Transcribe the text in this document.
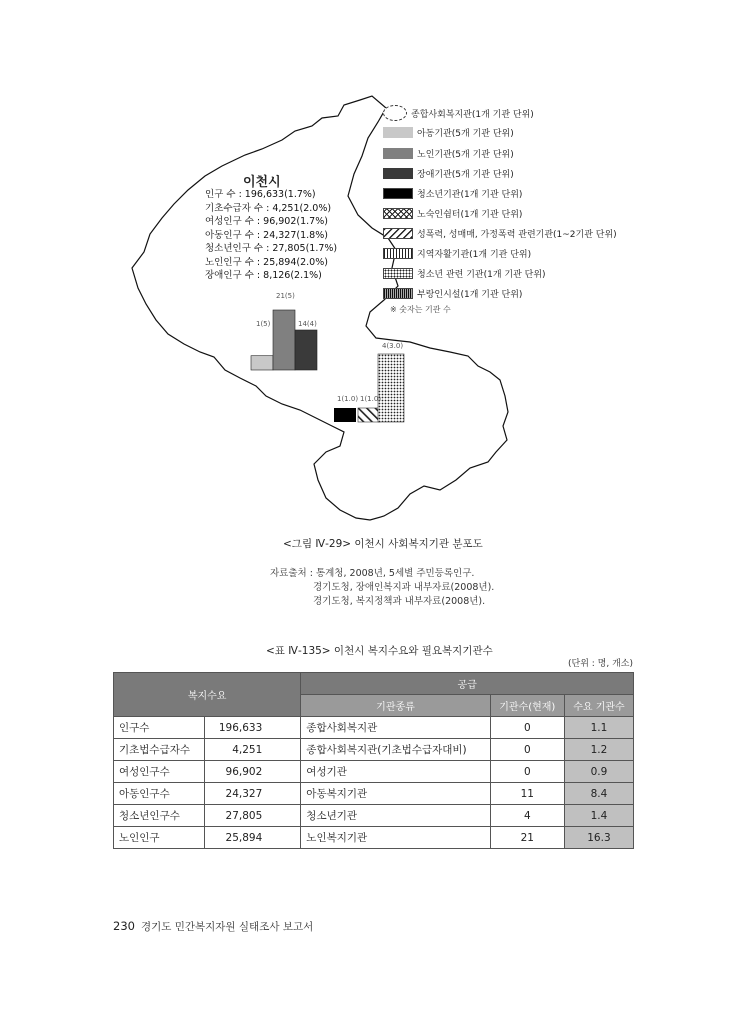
이천시
인구 수 : 196,633(1.7%)
기초수급자 수 : 4,251(2.0%)
여성인구 수 : 96,902(1.7%)
아동인구 수 : 24,327(1.8%)
청소년인구 수 : 27,805(1.7%)
노인인구 수 : 25,894(2.0%)
장애인구 수 : 8,126(2.1%)
1(5)
21(5)
14(4)
4(3.0)
1(1.0) 1(1.0)
종합사회복지관(1개 기관 단위)
아동기관(5개 기관 단위)
노인기관(5개 기관 단위)
장애기관(5개 기관 단위)
청소년기관(1개 기관 단위)
노숙인쉼터(1개 기관 단위)
성폭력, 성매매, 가정폭력 관련기관(1~2기관 단위)
지역자활기관(1개 기관 단위)
청소년 관련 기관(1개 기관 단위)
부랑인시설(1개 기관 단위)
※ 숫자는 기관 수
<그림 Ⅳ-29> 이천시 사회복지기관 분포도
자료출처 : 통계청, 2008년, 5세별 주민등록인구.
경기도청, 장애인복지과 내부자료(2008년).
경기도청, 복지정책과 내부자료(2008년).
<표 Ⅳ-135> 이천시 복지수요와 필요복지기관수
(단위 : 명, 개소)
복지수요		공급		
		기관종류	기관수(현재)	수요 기관수
인구수	196,633	종합사회복지관	0	1.1
기초법수급자수	4,251	종합사회복지관(기초법수급자대비)	0	1.2
여성인구수	96,902	여성기관	0	0.9
아동인구수	24,327	아동복지기관	11	8.4
청소년인구수	27,805	청소년기관	4	1.4
노인인구	25,894	노인복지기관	21	16.3
230 경기도 민간복지자원 실태조사 보고서
